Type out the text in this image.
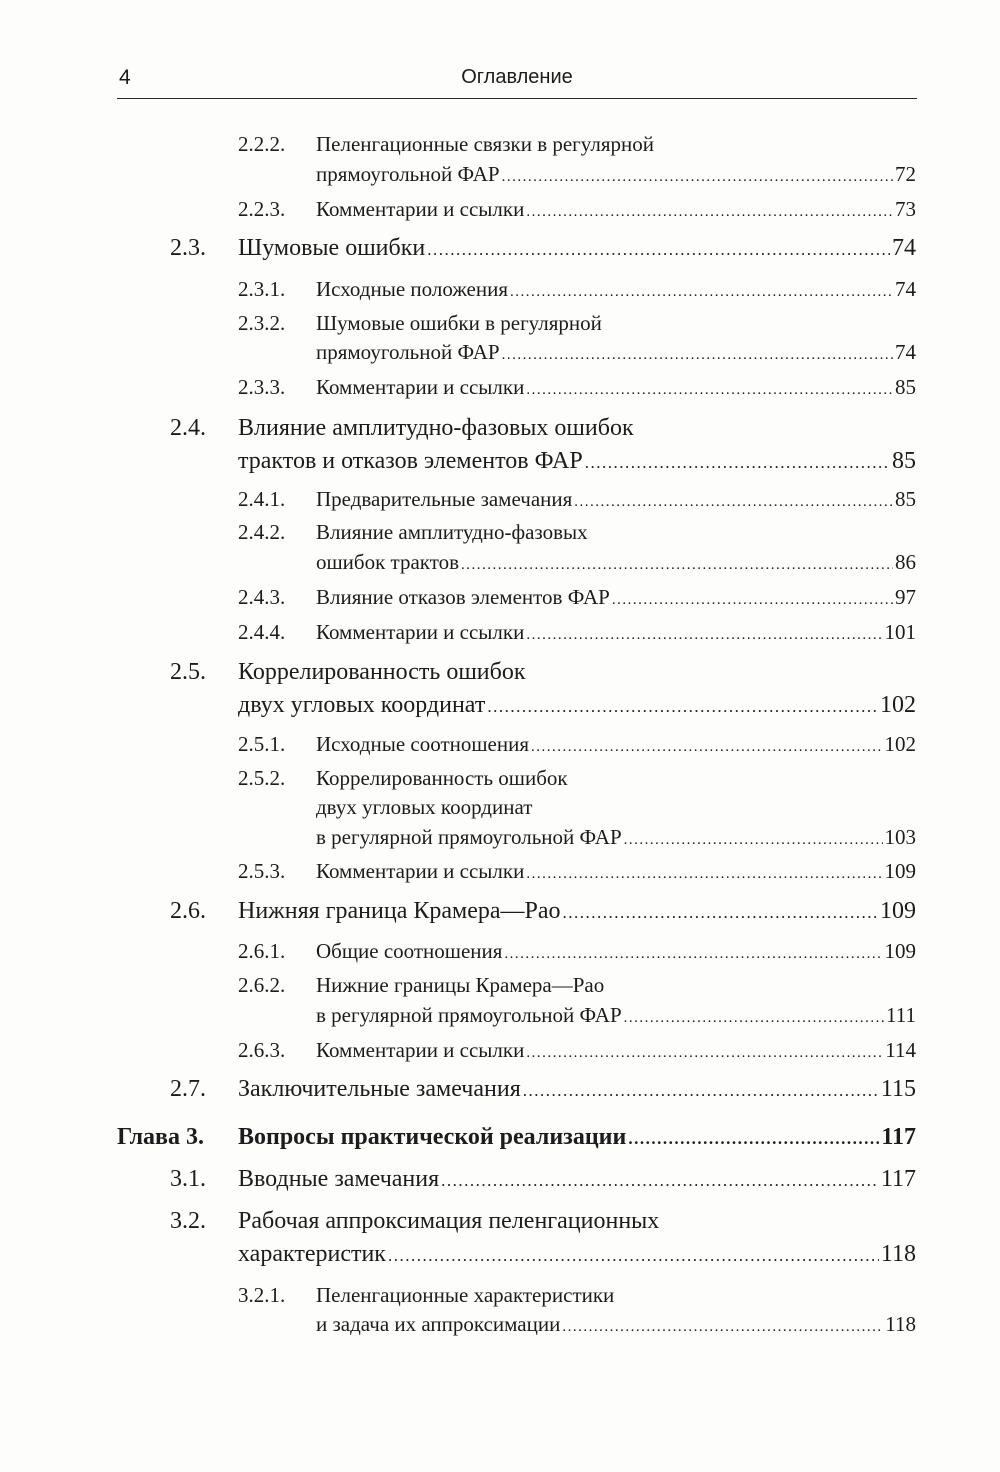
4	Оглавление
2.2.2. Пеленгационные связки в регулярной
прямоугольной ФАР .....	72
2.2.3. Комментарии и ссылки .....	73
2.3. Шумовые ошибки .....	74
2.3.1. Исходные положения .....	74
2.3.2. Шумовые ошибки в регулярной
прямоугольной ФАР .....	74
2.3.3. Комментарии и ссылки .....	85
2.4. Влияние амплитудно-фазовых ошибок
трактов и отказов элементов ФАР .....	85
2.4.1. Предварительные замечания .....	85
2.4.2. Влияние амплитудно-фазовых
ошибок трактов .....	86
2.4.3. Влияние отказов элементов ФАР .....	97
2.4.4. Комментарии и ссылки .....	101
2.5. Коррелированность ошибок
двух угловых координат .....	102
2.5.1. Исходные соотношения .....	102
2.5.2. Коррелированность ошибок
двух угловых координат
в регулярной прямоугольной ФАР .....	103
2.5.3. Комментарии и ссылки .....	109
2.6. Нижняя граница Крамера—Рао .....	109
2.6.1. Общие соотношения .....	109
2.6.2. Нижние границы Крамера—Рао
в регулярной прямоугольной ФАР .....	111
2.6.3. Комментарии и ссылки .....	114
2.7. Заключительные замечания .....	115
Глава 3. Вопросы практической реализации .....	117
3.1. Вводные замечания .....	117
3.2. Рабочая аппроксимация пеленгационных
характеристик .....	118
3.2.1. Пеленгационные характеристики
и задача их аппроксимации .....	118
